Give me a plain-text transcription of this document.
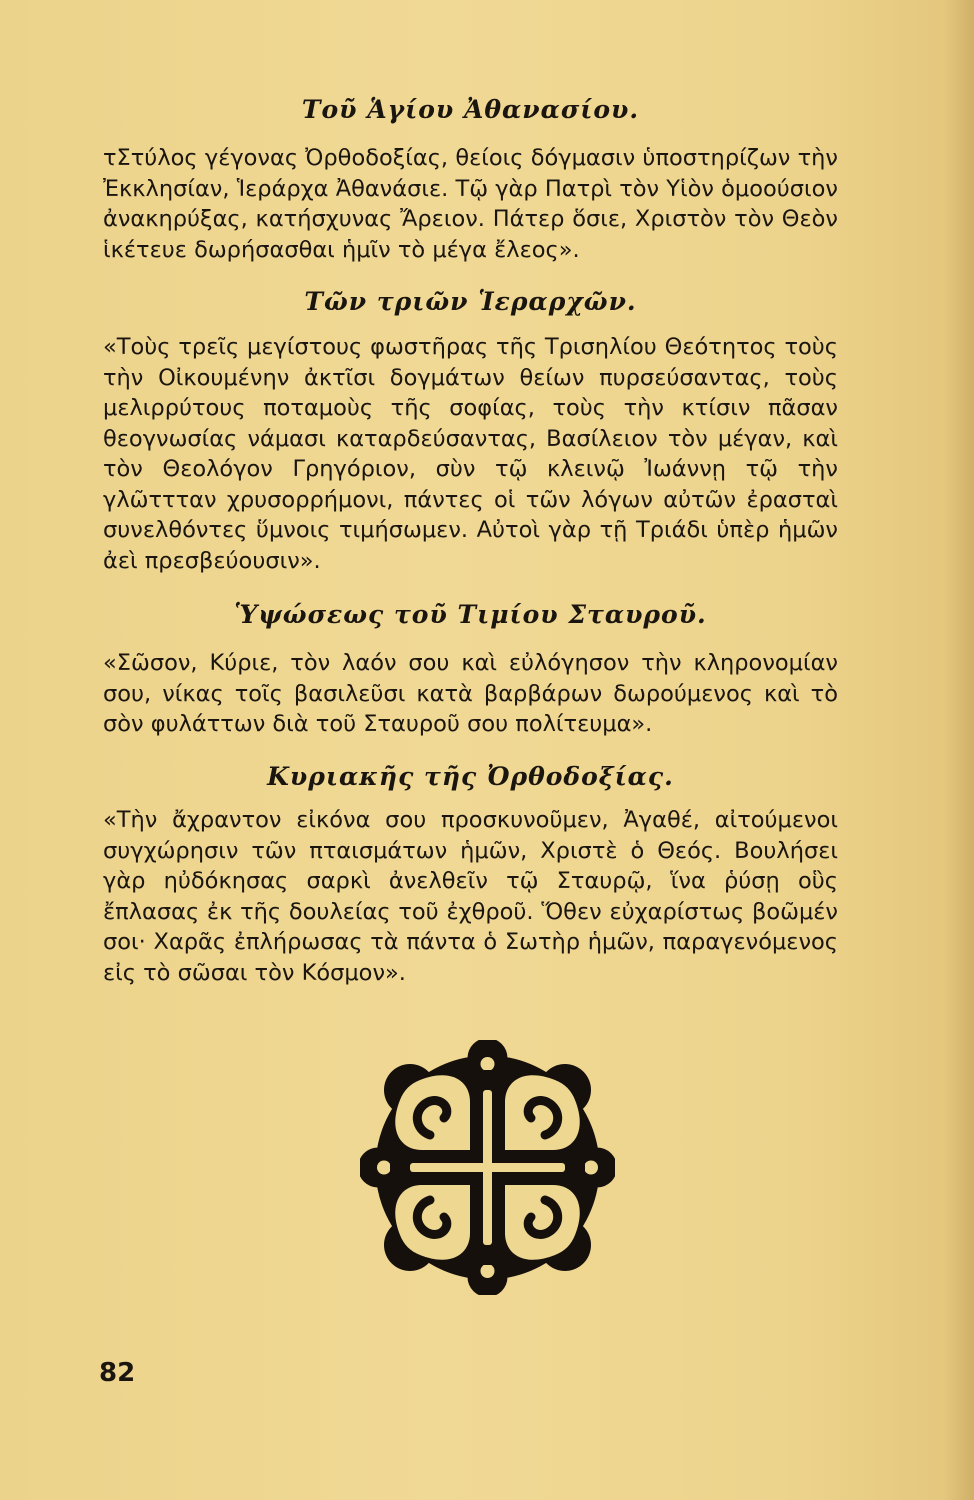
Τοῦ Ἁγίου Ἀθανασίου.

τΣτύλος γέγονας Ὀρθοδοξίας, θείοις δόγμασιν ὑποστηρίζων τὴν Ἐκκλησίαν, Ἱεράρχα Ἀθανάσιε. Τῷ γὰρ Πατρὶ τὸν Υἱὸν ὁμοούσιον ἀνακηρύξας, κατήσχυνας Ἄρειον. Πάτερ ὅσιε, Χριστὸν τὸν Θεὸν ἱκέτευε δωρήσασθαι ἡμῖν τὸ μέγα ἔλεος».

Τῶν τριῶν Ἱεραρχῶν.

«Τοὺς τρεῖς μεγίστους φωστῆρας τῆς Τρισηλίου Θεότητος τοὺς τὴν Οἰκουμένην ἀκτῖσι δογμάτων θείων πυρσεύσαντας, τοὺς μελιρρύτους ποταμοὺς τῆς σοφίας, τοὺς τὴν κτίσιν πᾶσαν θεογνωσίας νάμασι καταρδεύσαντας, Βασίλειον τὸν μέγαν, καὶ τὸν Θεολόγον Γρηγόριον, σὺν τῷ κλεινῷ Ἰωάννῃ τῷ τὴν γλῶττταν χρυσορρήμονι, πάντες οἱ τῶν λόγων αὐτῶν ἐρασταὶ συνελθόντες ὕμνοις τιμήσωμεν. Αὐτοὶ γὰρ τῇ Τριάδι ὑπὲρ ἡμῶν ἀεὶ πρεσβεύουσιν».

Ὑψώσεως τοῦ Τιμίου Σταυροῦ.

«Σῶσον, Κύριε, τὸν λαόν σου καὶ εὐλόγησον τὴν κληρονομίαν σου, νίκας τοῖς βασιλεῦσι κατὰ βαρβάρων δωρούμενος καὶ τὸ σὸν φυλάττων διὰ τοῦ Σταυροῦ σου πολίτευμα».

Κυριακῆς τῆς Ὀρθοδοξίας.

«Τὴν ἄχραντον εἰκόνα σου προσκυνοῦμεν, Ἀγαθέ, αἰτούμενοι συγχώρησιν τῶν πταισμάτων ἡμῶν, Χριστὲ ὁ Θεός. Βουλήσει γὰρ ηὐδόκησας σαρκὶ ἀνελθεῖν τῷ Σταυρῷ, ἵνα ῥύσῃ οὓς ἔπλασας ἐκ τῆς δουλείας τοῦ ἐχθροῦ. Ὅθεν εὐχαρίστως βοῶμέν σοι· Χαρᾶς ἐπλήρωσας τὰ πάντα ὁ Σωτὴρ ἡμῶν, παραγενόμενος εἰς τὸ σῶσαι τὸν Κόσμον».

82
